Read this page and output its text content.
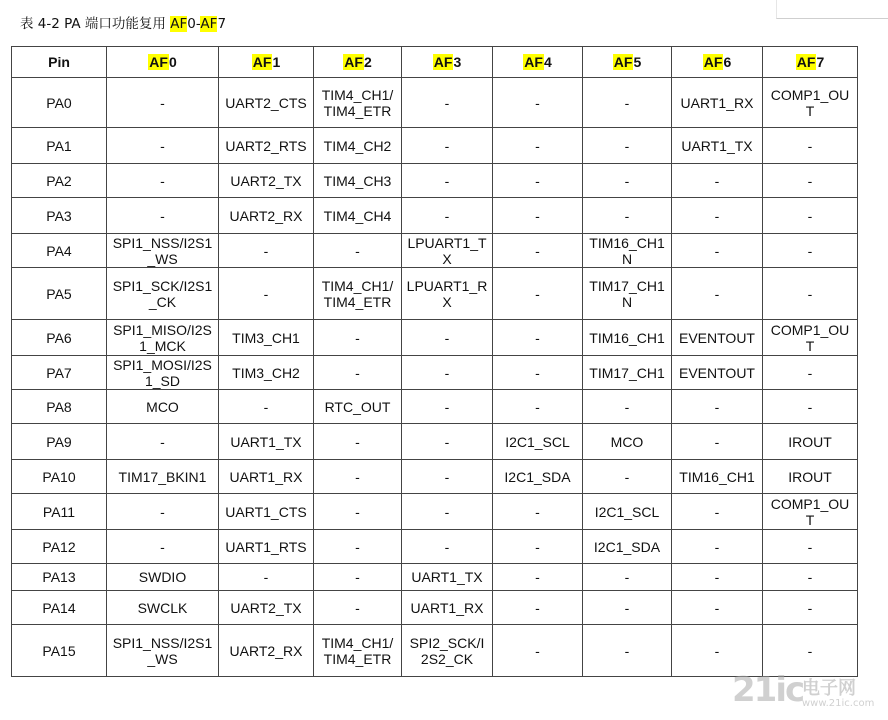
表 4-2 PA 端口功能复用 AF0-AF7
Pin	AF0	AF1	AF2	AF3	AF4	AF5	AF6	AF7
PA0	-	UART2_CTS	TIM4_CH1/TIM4_ETR	-	-	-	UART1_RX	COMP1_OUT
PA1	-	UART2_RTS	TIM4_CH2	-	-	-	UART1_TX	-
PA2	-	UART2_TX	TIM4_CH3	-	-	-	-	-
PA3	-	UART2_RX	TIM4_CH4	-	-	-	-	-
PA4	SPI1_NSS/I2S1_WS	-	-	LPUART1_TX	-	TIM16_CH1N	-	-
PA5	SPI1_SCK/I2S1_CK	-	TIM4_CH1/TIM4_ETR	LPUART1_RX	-	TIM17_CH1N	-	-
PA6	SPI1_MISO/I2S1_MCK	TIM3_CH1	-	-	-	TIM16_CH1	EVENTOUT	COMP1_OUT
PA7	SPI1_MOSI/I2S1_SD	TIM3_CH2	-	-	-	TIM17_CH1	EVENTOUT	-
PA8	MCO	-	RTC_OUT	-	-	-	-	-
PA9	-	UART1_TX	-	-	I2C1_SCL	MCO	-	IROUT
PA10	TIM17_BKIN1	UART1_RX	-	-	I2C1_SDA	-	TIM16_CH1	IROUT
PA11	-	UART1_CTS	-	-	-	I2C1_SCL	-	COMP1_OUT
PA12	-	UART1_RTS	-	-	-	I2C1_SDA	-	-
PA13	SWDIO	-	-	UART1_TX	-	-	-	-
PA14	SWCLK	UART2_TX	-	UART1_RX	-	-	-	-
PA15	SPI1_NSS/I2S1_WS	UART2_RX	TIM4_CH1/TIM4_ETR	SPI2_SCK/I2S2_CK	-	-	-	-
21ic
电子网
www.21ic.com
